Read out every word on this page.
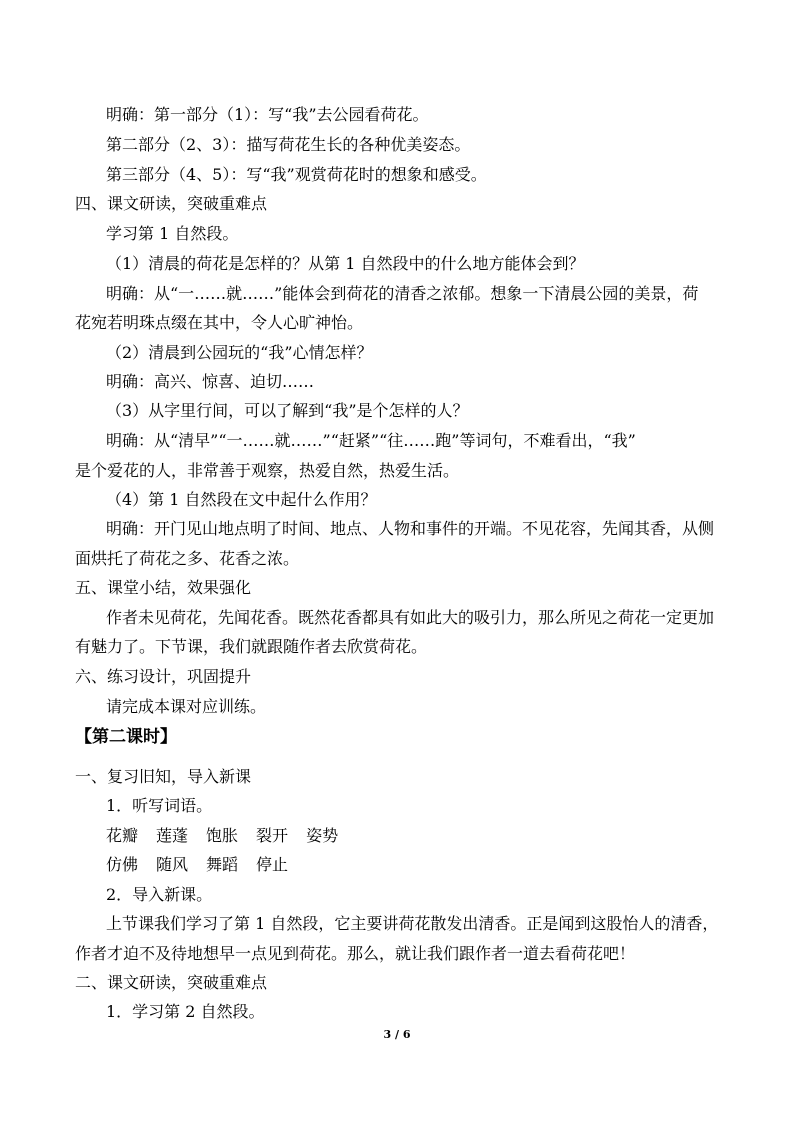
明确：第一部分（1）：写“我”去公园看荷花。
第二部分（2、3）：描写荷花生长的各种优美姿态。
第三部分（4、5）：写“我”观赏荷花时的想象和感受。
四、课文研读，突破重难点
学习第 1 自然段。
（1）清晨的荷花是怎样的？从第 1 自然段中的什么地方能体会到？
明确：从“一……就……”能体会到荷花的清香之浓郁。想象一下清晨公园的美景，荷
花宛若明珠点缀在其中，令人心旷神怡。
（2）清晨到公园玩的“我”心情怎样？
明确：高兴、惊喜、迫切……
（3）从字里行间，可以了解到“我”是个怎样的人？
明确：从“清早”“一……就……”“赶紧”“往……跑”等词句，不难看出，“我”
是个爱花的人，非常善于观察，热爱自然，热爱生活。
（4）第 1 自然段在文中起什么作用？
明确：开门见山地点明了时间、地点、人物和事件的开端。不见花容，先闻其香，从侧
面烘托了荷花之多、花香之浓。
五、课堂小结，效果强化
作者未见荷花，先闻花香。既然花香都具有如此大的吸引力，那么所见之荷花一定更加
有魅力了。下节课，我们就跟随作者去欣赏荷花。
六、练习设计，巩固提升
请完成本课对应训练。
【第二课时】
一、复习旧知，导入新课
1．听写词语。
花瓣 莲蓬 饱胀 裂开 姿势
仿佛 随风 舞蹈 停止
2．导入新课。
上节课我们学习了第 1 自然段，它主要讲荷花散发出清香。正是闻到这股怡人的清香，
作者才迫不及待地想早一点见到荷花。那么，就让我们跟作者一道去看荷花吧！
二、课文研读，突破重难点
1．学习第 2 自然段。
3 / 6
